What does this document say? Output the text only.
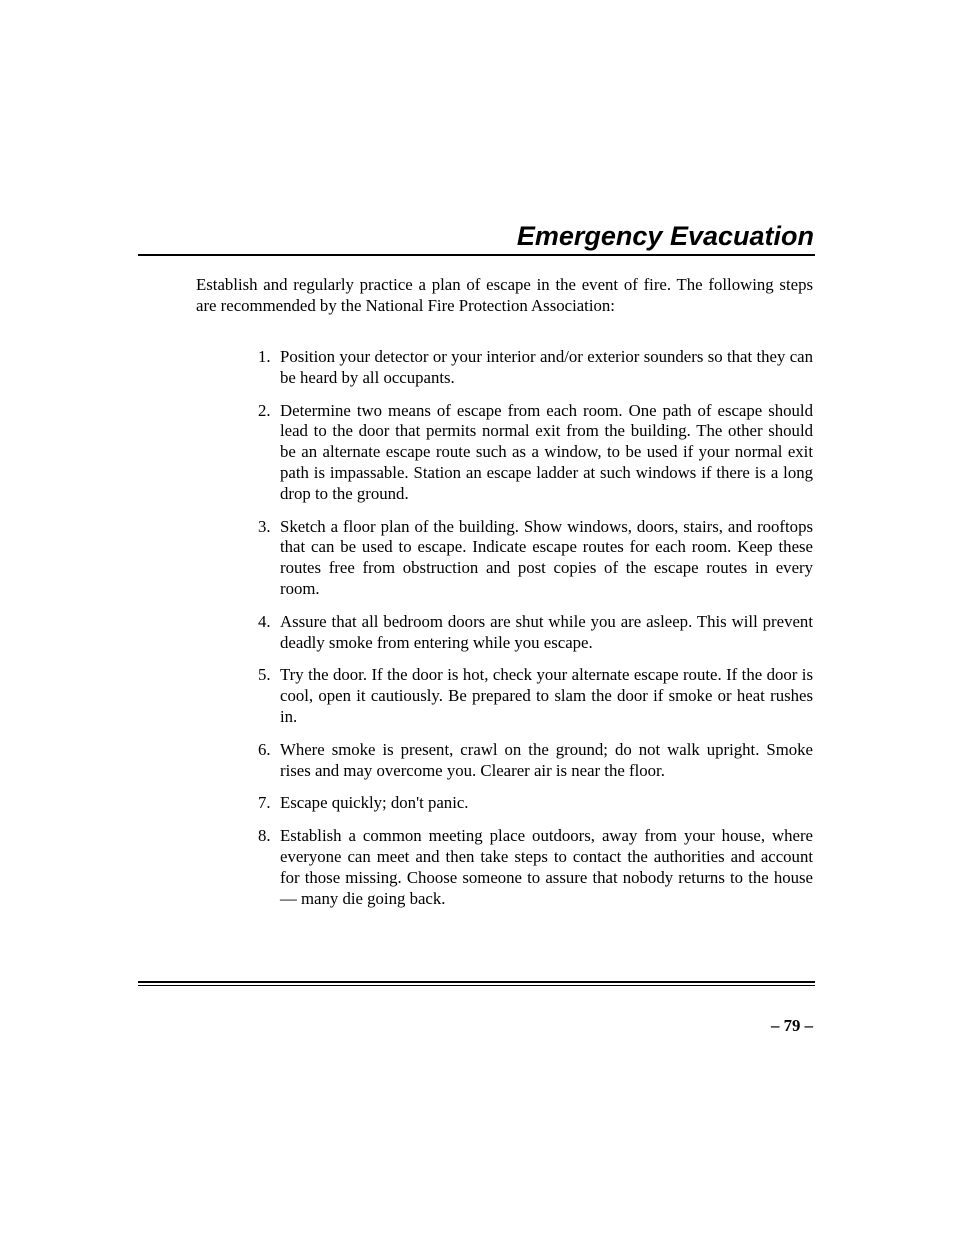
Emergency Evacuation

Establish and regularly practice a plan of escape in the event of fire. The following steps are recommended by the National Fire Protection Association:

1. Position your detector or your interior and/or exterior sounders so that they can be heard by all occupants.
2. Determine two means of escape from each room. One path of escape should lead to the door that permits normal exit from the building. The other should be an alternate escape route such as a window, to be used if your normal exit path is impassable. Station an escape ladder at such windows if there is a long drop to the ground.
3. Sketch a floor plan of the building. Show windows, doors, stairs, and rooftops that can be used to escape. Indicate escape routes for each room. Keep these routes free from obstruction and post copies of the escape routes in every room.
4. Assure that all bedroom doors are shut while you are asleep. This will prevent deadly smoke from entering while you escape.
5. Try the door. If the door is hot, check your alternate escape route. If the door is cool, open it cautiously. Be prepared to slam the door if smoke or heat rushes in.
6. Where smoke is present, crawl on the ground; do not walk upright. Smoke rises and may overcome you. Clearer air is near the floor.
7. Escape quickly; don't panic.
8. Establish a common meeting place outdoors, away from your house, where everyone can meet and then take steps to contact the authorities and account for those missing. Choose someone to assure that nobody returns to the house — many die going back.

– 79 –
